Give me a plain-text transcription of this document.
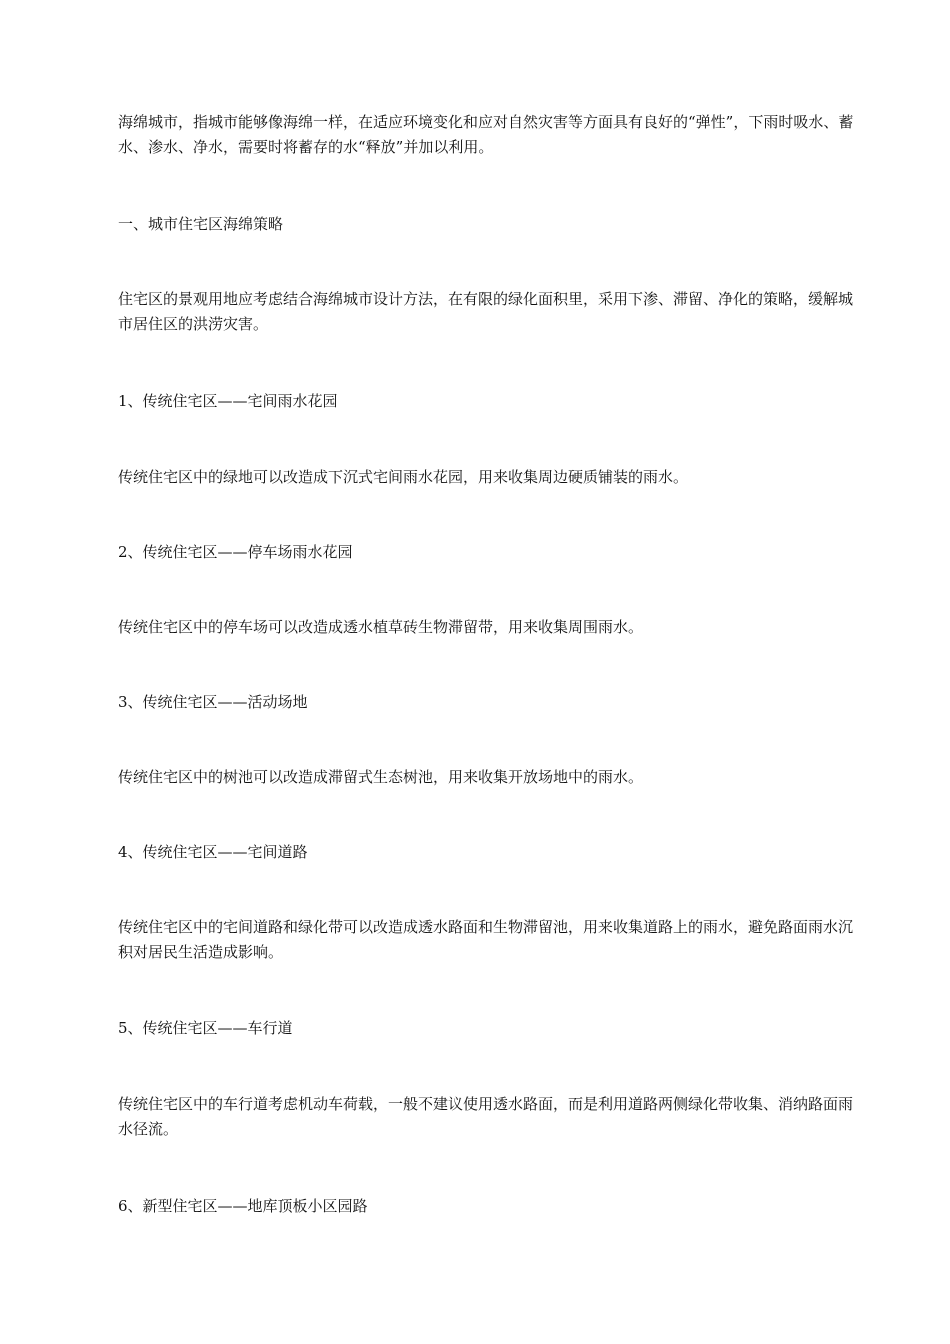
海绵城市，指城市能够像海绵一样，在适应环境变化和应对自然灾害等方面具有良好的“弹性”，下雨时吸水、蓄水、渗水、净水，需要时将蓄存的水“释放”并加以利用。

一、城市住宅区海绵策略

住宅区的景观用地应考虑结合海绵城市设计方法，在有限的绿化面积里，采用下渗、滞留、净化的策略，缓解城市居住区的洪涝灾害。

1、传统住宅区——宅间雨水花园

传统住宅区中的绿地可以改造成下沉式宅间雨水花园，用来收集周边硬质铺装的雨水。

2、传统住宅区——停车场雨水花园

传统住宅区中的停车场可以改造成透水植草砖生物滞留带，用来收集周围雨水。

3、传统住宅区——活动场地

传统住宅区中的树池可以改造成滞留式生态树池，用来收集开放场地中的雨水。

4、传统住宅区——宅间道路

传统住宅区中的宅间道路和绿化带可以改造成透水路面和生物滞留池，用来收集道路上的雨水，避免路面雨水沉积对居民生活造成影响。

5、传统住宅区——车行道

传统住宅区中的车行道考虑机动车荷载，一般不建议使用透水路面，而是利用道路两侧绿化带收集、消纳路面雨水径流。

6、新型住宅区——地库顶板小区园路
